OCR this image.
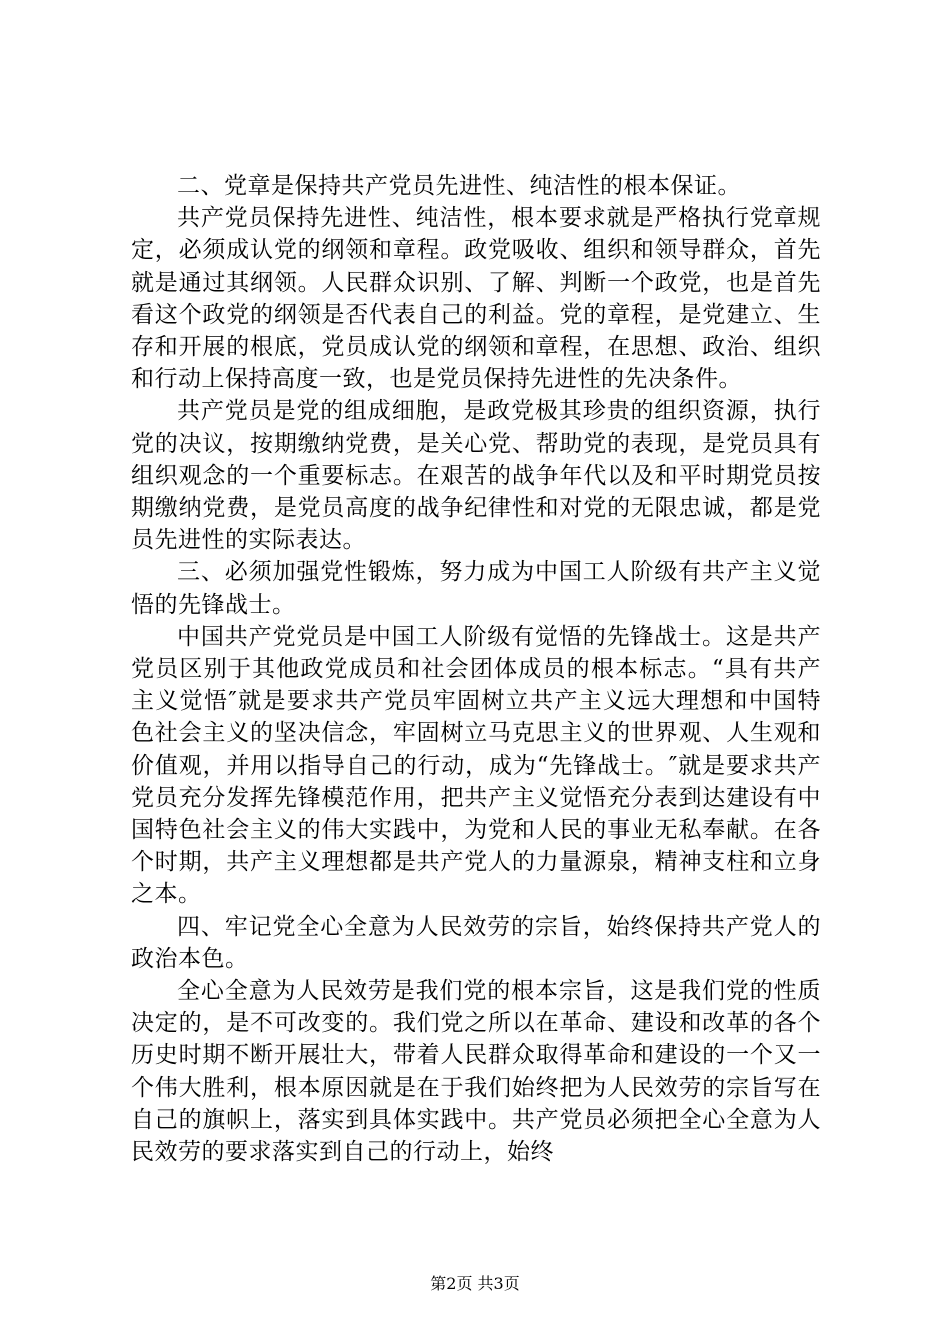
二、党章是保持共产党员先进性、纯洁性的根本保证。

共产党员保持先进性、纯洁性，根本要求就是严格执行党章规定，必须成认党的纲领和章程。政党吸收、组织和领导群众，首先就是通过其纲领。人民群众识别、了解、判断一个政党，也是首先看这个政党的纲领是否代表自己的利益。党的章程，是党建立、生存和开展的根底，党员成认党的纲领和章程，在思想、政治、组织和行动上保持高度一致，也是党员保持先进性的先决条件。

共产党员是党的组成细胞，是政党极其珍贵的组织资源，执行党的决议，按期缴纳党费，是关心党、帮助党的表现，是党员具有组织观念的一个重要标志。在艰苦的战争年代以及和平时期党员按期缴纳党费，是党员高度的战争纪律性和对党的无限忠诚，都是党员先进性的实际表达。

三、必须加强党性锻炼，努力成为中国工人阶级有共产主义觉悟的先锋战士。

中国共产党党员是中国工人阶级有觉悟的先锋战士。这是共产党员区别于其他政党成员和社会团体成员的根本标志。“具有共产主义觉悟″就是要求共产党员牢固树立共产主义远大理想和中国特色社会主义的坚决信念，牢固树立马克思主义的世界观、人生观和价值观，并用以指导自己的行动，成为“先锋战士。″就是要求共产党员充分发挥先锋模范作用，把共产主义觉悟充分表到达建设有中国特色社会主义的伟大实践中，为党和人民的事业无私奉献。在各个时期，共产主义理想都是共产党人的力量源泉，精神支柱和立身之本。

四、牢记党全心全意为人民效劳的宗旨，始终保持共产党人的政治本色。

全心全意为人民效劳是我们党的根本宗旨，这是我们党的性质决定的，是不可改变的。我们党之所以在革命、建设和改革的各个历史时期不断开展壮大，带着人民群众取得革命和建设的一个又一个伟大胜利，根本原因就是在于我们始终把为人民效劳的宗旨写在自己的旗帜上，落实到具体实践中。共产党员必须把全心全意为人民效劳的要求落实到自己的行动上，始终

第2页 共3页
